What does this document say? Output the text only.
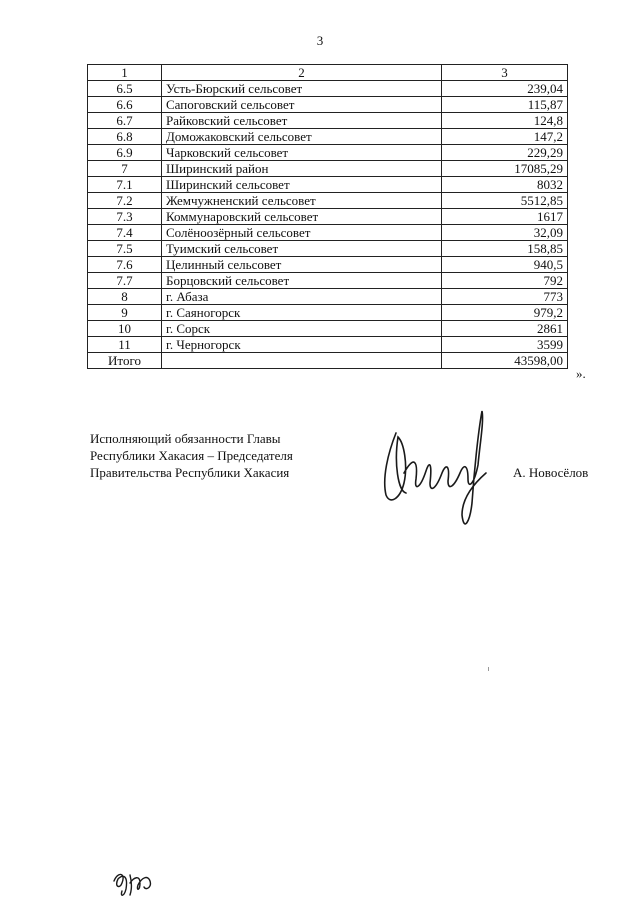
3
1	2	3
6.5	Усть-Бюрский сельсовет	239,04
6.6	Сапоговский сельсовет	115,87
6.7	Райковский сельсовет	124,8
6.8	Доможаковский сельсовет	147,2
6.9	Чарковский сельсовет	229,29
7	Ширинский район	17085,29
7.1	Ширинский сельсовет	8032
7.2	Жемчужненский сельсовет	5512,85
7.3	Коммунаровский сельсовет	1617
7.4	Солёноозёрный сельсовет	32,09
7.5	Туимский сельсовет	158,85
7.6	Целинный сельсовет	940,5
7.7	Борцовский сельсовет	792
8	г. Абаза	773
9	г. Саяногорск	979,2
10	г. Сорск	2861
11	г. Черногорск	3599
Итого		43598,00
».
Исполняющий обязанности Главы
Республики Хакасия – Председателя
Правительства Республики Хакасия	А. Новосёлов
